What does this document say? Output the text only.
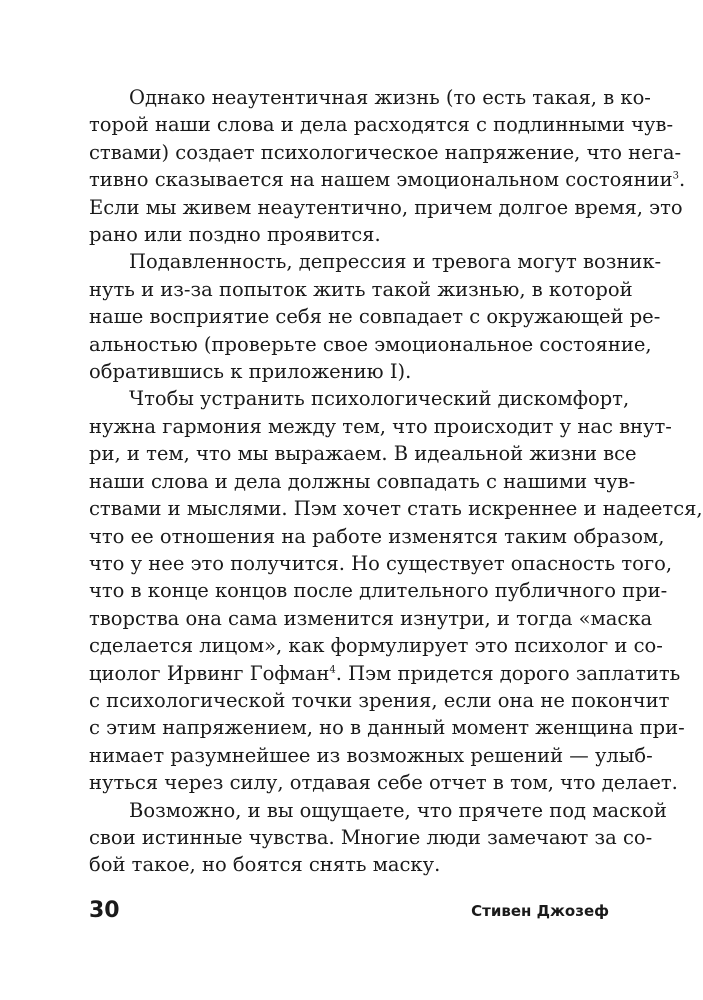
Однако неаутентичная жизнь (то есть такая, в ко-
торой наши слова и дела расходятся с подлинными чув-
ствами) создает психологическое напряжение, что нега-
тивно сказывается на нашем эмоциональном состоянии$^3$.
Если мы живем неаутентично, причем долгое время, это
рано или поздно проявится.

Подавленность, депрессия и тревога могут возник-
нуть и из-за попыток жить такой жизнью, в которой
наше восприятие себя не совпадает с окружающей ре-
альностью (проверьте свое эмоциональное состояние,
обратившись к приложению I).

Чтобы устранить психологический дискомфорт,
нужна гармония между тем, что происходит у нас внут-
ри, и тем, что мы выражаем. В идеальной жизни все
наши слова и дела должны совпадать с нашими чув-
ствами и мыслями. Пэм хочет стать искреннее и надеется,
что ее отношения на работе изменятся таким образом,
что у нее это получится. Но существует опасность того,
что в конце концов после длительного публичного при-
творства она сама изменится изнутри, и тогда «маска
сделается лицом», как формулирует это психолог и со-
циолог Ирвинг Гофман$^4$. Пэм придется дорого заплатить
с психологической точки зрения, если она не покончит
с этим напряжением, но в данный момент женщина при-
нимает разумнейшее из возможных решений — улыб-
нуться через силу, отдавая себе отчет в том, что делает.

Возможно, и вы ощущаете, что прячете под маской
свои истинные чувства. Многие люди замечают за со-
бой такое, но боятся снять маску.

30	Стивен Джозеф
